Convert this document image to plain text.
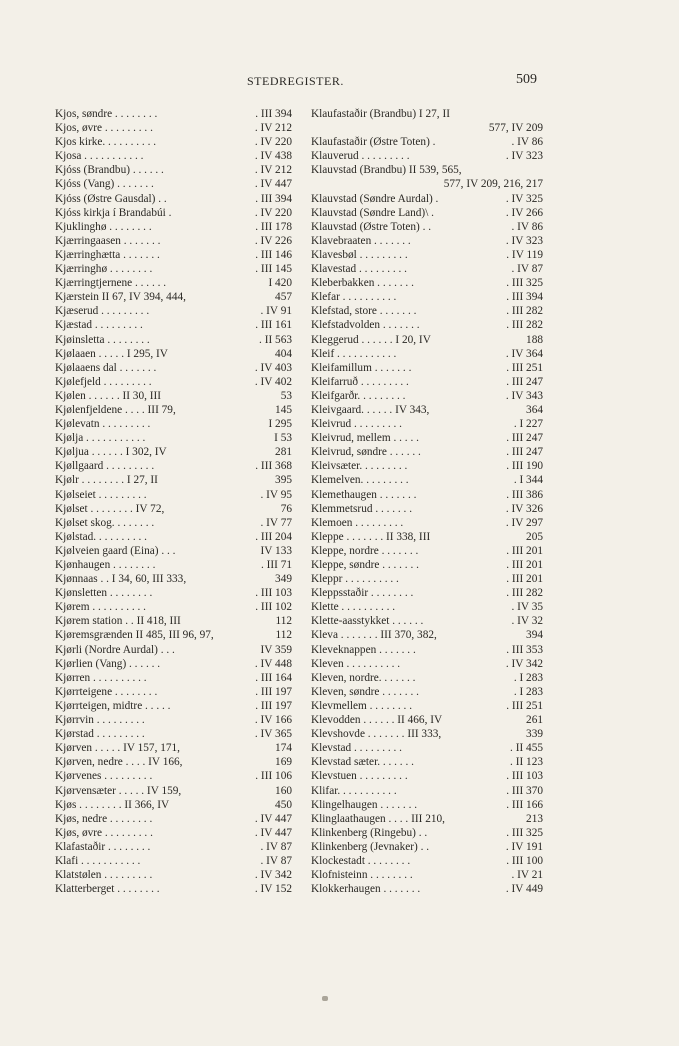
STEDREGISTER.	509
Kjos, søndre . . . . . . . .	. III 394
Kjos, øvre . . . . . . . . .	. IV 212
Kjos kirke. . . . . . . . . .	. IV 220
Kjosa . . . . . . . . . . .	. IV 438
Kjóss (Brandbu) . . . . . .	. IV 212
Kjóss (Vang) . . . . . . .	. IV 447
Kjóss (Østre Gausdal) . .	. III 394
Kjóss kirkja í Brandabúi .	. IV 220
Kjuklinghø . . . . . . . .	. III 178
Kjærringaasen . . . . . . .	. IV 226
Kjærringhætta . . . . . . .	. III 146
Kjærringhø . . . . . . . .	. III 145
Kjærringtjernene . . . . . .	I 420
Kjærstein II 67, IV 394, 444,	457
Kjæserud . . . . . . . . .	. IV 91
Kjæstad . . . . . . . . .	. III 161
Kjøinsletta . . . . . . . .	. II 563
Kjølaaen . . . . . I 295, IV	404
Kjølaaens dal . . . . . . .	. IV 403
Kjølefjeld . . . . . . . . .	. IV 402
Kjølen . . . . . . II 30, III	53
Kjølenfjeldene . . . . III 79,	145
Kjølevatn . . . . . . . . .	I 295
Kjølja . . . . . . . . . . .	I 53
Kjøljua . . . . . . I 302, IV	281
Kjøllgaard . . . . . . . . .	. III 368
Kjølr . . . . . . . . I 27, II	395
Kjølseiet . . . . . . . . .	. IV 95
Kjølset . . . . . . . . IV 72,	76
Kjølset skog. . . . . . . .	. IV 77
Kjølstad. . . . . . . . . .	. III 204
Kjølveien gaard (Eina) . . .	IV 133
Kjønhaugen . . . . . . . .	. III 71
Kjønnaas . . I 34, 60, III 333,	349
Kjønsletten . . . . . . . .	. III 103
Kjørem . . . . . . . . . .	. III 102
Kjørem station . . II 418, III	112
Kjøremsgrænden II 485, III 96, 97,	112
Kjørli (Nordre Aurdal) . . .	IV 359
Kjørlien (Vang) . . . . . .	. IV 448
Kjørren . . . . . . . . . .	. III 164
Kjørrteigene . . . . . . . .	. III 197
Kjørrteigen, midtre . . . . .	. III 197
Kjørrvin . . . . . . . . .	. IV 166
Kjørstad . . . . . . . . .	. IV 365
Kjørven . . . . . IV 157, 171,	174
Kjørven, nedre . . . . IV 166,	169
Kjørvenes . . . . . . . . .	. III 106
Kjørvensæter . . . . . IV 159,	160
Kjøs . . . . . . . . II 366, IV	450
Kjøs, nedre . . . . . . . .	. IV 447
Kjøs, øvre . . . . . . . . .	. IV 447
Klafastaðir . . . . . . . .	. IV 87
Klafi . . . . . . . . . . .	. IV 87
Klatstølen . . . . . . . . .	. IV 342
Klatterberget . . . . . . . .	. IV 152
Klaufastaðir (Brandbu) I 27, II
577, IV 209
Klaufastaðir (Østre Toten) .	. IV 86
Klauverud . . . . . . . . .	. IV 323
Klauvstad (Brandbu) II 539, 565,
577, IV 209, 216, 217
Klauvstad (Søndre Aurdal) .	. IV 325
Klauvstad (Søndre Land)\ .	. IV 266
Klauvstad (Østre Toten) . .	. IV 86
Klavebraaten . . . . . . .	. IV 323
Klavesbøl . . . . . . . . .	. IV 119
Klavestad . . . . . . . . .	. IV 87
Kleberbakken . . . . . . .	. III 325
Klefar . . . . . . . . . .	. III 394
Klefstad, store . . . . . . .	. III 282
Klefstadvolden . . . . . . .	. III 282
Kleggerud . . . . . . I 20, IV	188
Kleif . . . . . . . . . . .	. IV 364
Kleifamillum . . . . . . .	. III 251
Kleifarruð . . . . . . . . .	. III 247
Kleifgarðr. . . . . . . . .	. IV 343
Kleivgaard. . . . . . IV 343,	364
Kleivrud . . . . . . . . .	. I 227
Kleivrud, mellem . . . . .	. III 247
Kleivrud, søndre . . . . . .	. III 247
Kleivsæter. . . . . . . . .	. III 190
Klemelven. . . . . . . . .	. I 344
Klemethaugen . . . . . . .	. III 386
Klemmetsrud . . . . . . .	. IV 326
Klemoen . . . . . . . . .	. IV 297
Kleppe . . . . . . . II 338, III	205
Kleppe, nordre . . . . . . .	. III 201
Kleppe, søndre . . . . . . .	. III 201
Kleppr . . . . . . . . . .	. III 201
Kleppsstaðir . . . . . . . .	. III 282
Klette . . . . . . . . . .	. IV 35
Klette-aasstykket . . . . . .	. IV 32
Kleva . . . . . . . III 370, 382,	394
Kleveknappen . . . . . . .	. III 353
Kleven . . . . . . . . . .	. IV 342
Kleven, nordre. . . . . . .	. I 283
Kleven, søndre . . . . . . .	. I 283
Klevmellem . . . . . . . .	. III 251
Klevodden . . . . . . II 466, IV	261
Klevshovde . . . . . . . III 333,	339
Klevstad . . . . . . . . .	. II 455
Klevstad sæter. . . . . . .	. II 123
Klevstuen . . . . . . . . .	. III 103
Klifar. . . . . . . . . . .	. III 370
Klingelhaugen . . . . . . .	. III 166
Klinglaathaugen . . . . III 210,	213
Klinkenberg (Ringebu) . .	. III 325
Klinkenberg (Jevnaker) . .	. IV 191
Klockestadt . . . . . . . .	. III 100
Klofnisteinn . . . . . . . .	. IV 21
Klokkerhaugen . . . . . . .	. IV 449
